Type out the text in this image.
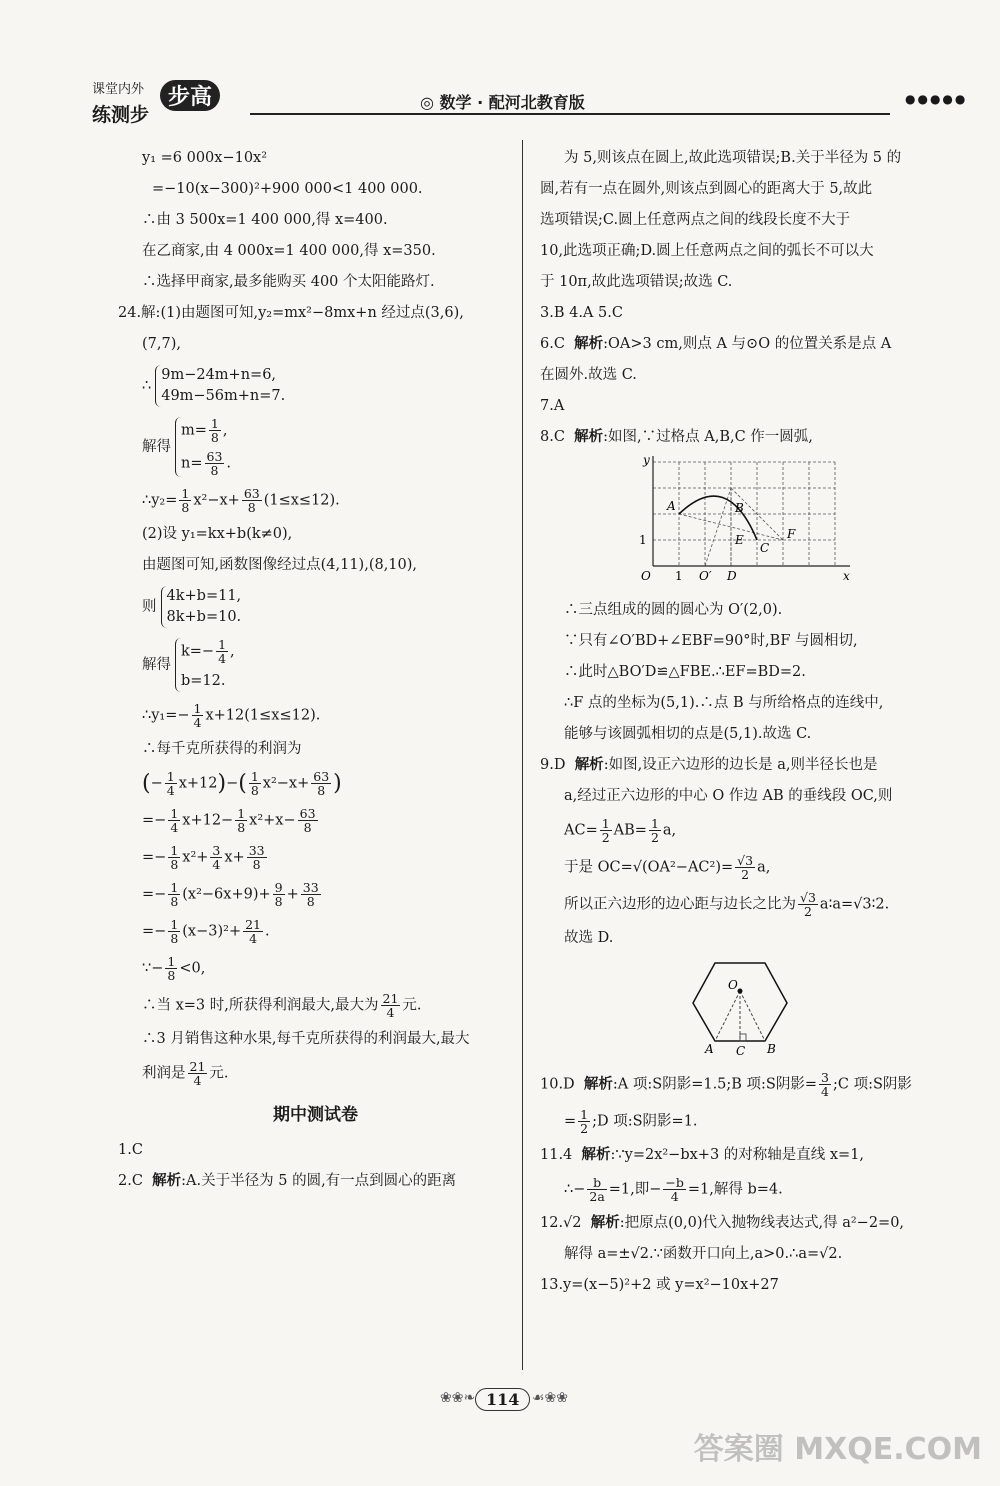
课堂内外
练测步
步高	◎ 数学 · 配河北教育版	●●●●●

y₁ =6 000x−10x²

=−10(x−300)²+900 000<1 400 000.

∴由 3 500x=1 400 000,得 x=400.

在乙商家,由 4 000x=1 400 000,得 x=350.

∴选择甲商家,最多能购买 400 个太阳能路灯.

24.解:(1)由题图可知,y₂=mx²−8mx+n 经过点(3,6),

(7,7),

∴
9m−24m+n=6,
49m−56m+n=7.

解得
$m= \frac{1}{8}$ ,
$n= \frac{63}{8}$ .

∴y₂= $\frac{1}{8} x^2-x+ \frac{63}{8} (1\le x\le 12)$.

(2)设 y₁=kx+b(k≠0),

由题图可知,函数图像经过点(4,11),(8,10),

则
4k+b=11,
8k+b=10.

解得
$k=- \frac{1}{4}$ ,
b=12.

∴y₁=− $\frac{1}{4} x+12(1\le x\le 12)$.

∴每千克所获得的利润为

(− $\frac{1}{4} x+12)-( \frac{1}{8} x^2-x+ \frac{63}{8}$ )

=− $\frac{1}{4} x+12- \frac{1}{8} x^2+x- \frac{63}{8}$

=− $\frac{1}{8} x^2+ \frac{3}{4} x+ \frac{33}{8}$

=− $\frac{1}{8} (x^2-6x+9)+ \frac{9}{8} + \frac{33}{8}$

=− $\frac{1}{8} (x-3)^2+ \frac{21}{4}$ .

∵− $\frac{1}{8} <0$,

∴当 x=3 时,所获得利润最大,最大为 $\frac{21}{4}$ 元.

∴3 月销售这种水果,每千克所获得的利润最大,最大

利润是 $\frac{21}{4}$ 元.

期中测试卷

1.C

2.C 解析:A.关于半径为 5 的圆,有一点到圆心的距离

为 5,则该点在圆上,故此选项错误;B.关于半径为 5 的

圆,若有一点在圆外,则该点到圆心的距离大于 5,故此

选项错误;C.圆上任意两点之间的线段长度不大于

10,此选项正确;D.圆上任意两点之间的弧长不可以大

于 10π,故此选项错误;故选 C.

3.B 4.A 5.C

6.C 解析:OA>3 cm,则点 A 与⊙O 的位置关系是点 A

在圆外.故选 C.

7.A

8.C 解析:如图,∵过格点 A,B,C 作一圆弧,

y
x
O 1 O′ D
1
A	B
E
C
F

∴三点组成的圆的圆心为 O′(2,0).

∵只有∠O′BD+∠EBF=90°时,BF 与圆相切,

∴此时△BO′D≌△FBE.∴EF=BD=2.

∴F 点的坐标为(5,1).∴点 B 与所给格点的连线中,

能够与该圆弧相切的点是(5,1).故选 C.

9.D 解析:如图,设正六边形的边长是 a,则半径长也是

a,经过正六边形的中心 O 作边 AB 的垂线段 OC,则

$AC= \frac{1}{2} AB= \frac{1}{2} a$,

于是 $OC=√(OA^2-AC^2)= \frac{√3}{2} a$,

所以正六边形的边心距与边长之比为 $\frac{√3}{2}$ a∶a=√3∶2.

故选 D.

O
A C B

10.D 解析:A 项:S阴影=1.5;B 项:S阴影= $\frac{3}{4}$ ;C 项:S阴影

= $\frac{1}{2}$ ;D 项:S阴影=1.

11.4 解析:∵y=2x²−bx+3 的对称轴是直线 x=1,

∴− $\frac{b}{2a} =1$,即− $\frac{-b}{4} =1$,解得 b=4.

12.√2 解析:把原点(0,0)代入抛物线表达式,得 a²−2=0,

解得 a=±√2.∵函数开口向上,a>0.∴a=√2.

13.y=(x−5)²+2 或 y=x²−10x+27

❀❀❧ 114 ☙❀❀
答案圈 MXQE.COM
